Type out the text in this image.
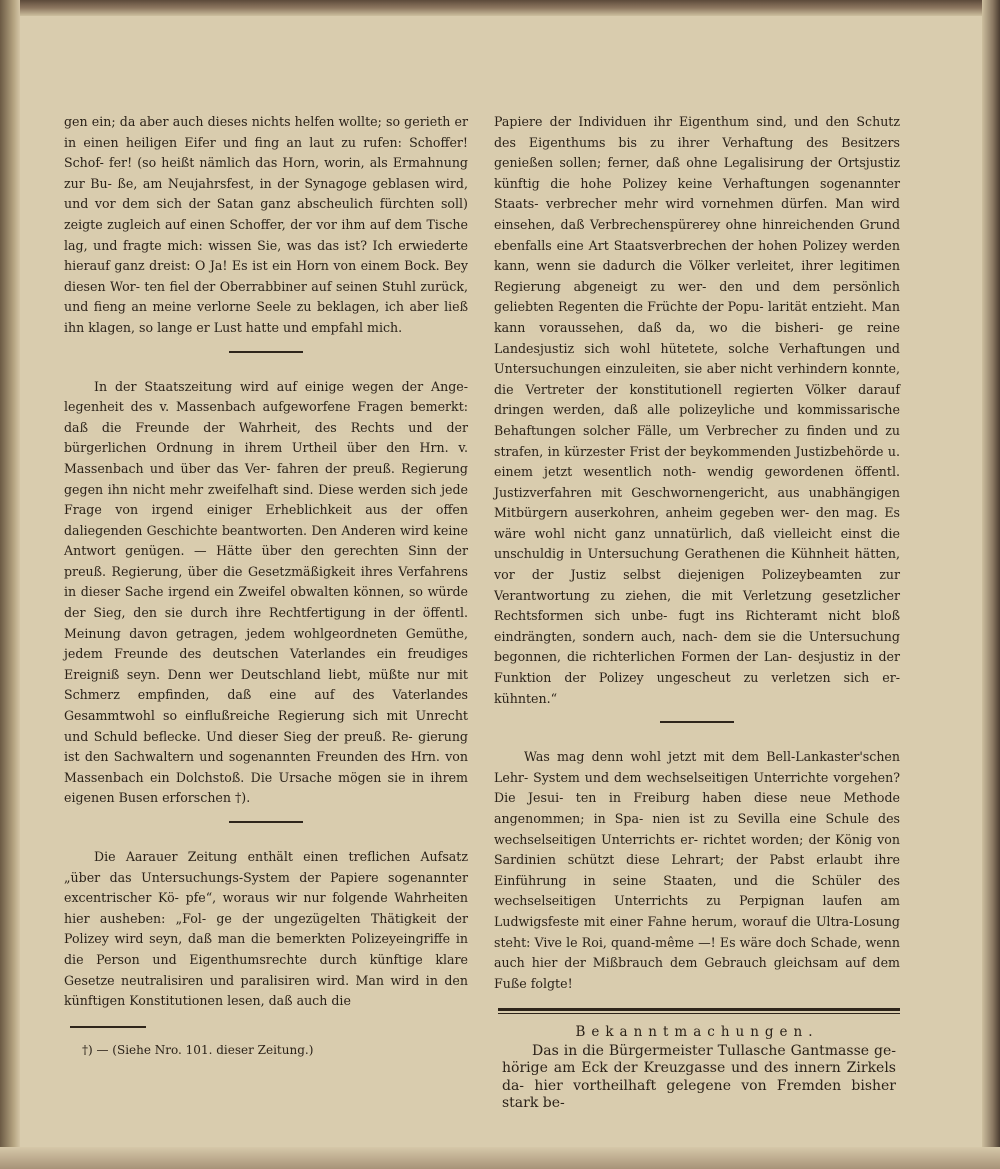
gen ein; da aber auch dieses nichts helfen wollte; so gerieth er in einen heiligen Eifer und fing an laut zu rufen: Schoffer! Schof- fer! (so heißt nämlich das Horn, worin, als Ermahnung zur Bu- ße, am Neujahrsfest, in der Synagoge geblasen wird, und vor dem sich der Satan ganz abscheulich fürchten soll) zeigte zugleich auf einen Schoffer, der vor ihm auf dem Tische lag, und fragte mich: wissen Sie, was das ist? Ich erwiederte hierauf ganz dreist: O Ja! Es ist ein Horn von einem Bock. Bey diesen Wor- ten fiel der Oberrabbiner auf seinen Stuhl zurück, und fieng an meine verlorne Seele zu beklagen, ich aber ließ ihn klagen, so lange er Lust hatte und empfahl mich.

In der Staatszeitung wird auf einige wegen der Ange- legenheit des v. Massenbach aufgeworfene Fragen bemerkt: daß die Freunde der Wahrheit, des Rechts und der bürgerlichen Ordnung in ihrem Urtheil über den Hrn. v. Massenbach und über das Ver- fahren der preuß. Regierung gegen ihn nicht mehr zweifelhaft sind. Diese werden sich jede Frage von irgend einiger Erheblichkeit aus der offen daliegenden Geschichte beantworten. Den Anderen wird keine Antwort genügen. — Hätte über den gerechten Sinn der preuß. Regierung, über die Gesetzmäßigkeit ihres Verfahrens in dieser Sache irgend ein Zweifel obwalten können, so würde der Sieg, den sie durch ihre Rechtfertigung in der öffentl. Meinung davon getragen, jedem wohlgeordneten Gemüthe, jedem Freunde des deutschen Vaterlandes ein freudiges Ereigniß seyn. Denn wer Deutschland liebt, müßte nur mit Schmerz empfinden, daß eine auf des Vaterlandes Gesammtwohl so einflußreiche Regierung sich mit Unrecht und Schuld beflecke. Und dieser Sieg der preuß. Re- gierung ist den Sachwaltern und sogenannten Freunden des Hrn. von Massenbach ein Dolchstoß. Die Ursache mögen sie in ihrem eigenen Busen erforschen †).

Die Aarauer Zeitung enthält einen treflichen Aufsatz „über das Untersuchungs-System der Papiere sogenannter excentrischer Kö- pfe“, woraus wir nur folgende Wahrheiten hier ausheben: „Fol- ge der ungezügelten Thätigkeit der Polizey wird seyn, daß man die bemerkten Polizeyeingriffe in die Person und Eigenthumsrechte durch künftige klare Gesetze neutralisiren und paralisiren wird. Man wird in den künftigen Konstitutionen lesen, daß auch die

†) — (Siehe Nro. 101. dieser Zeitung.)

Papiere der Individuen ihr Eigenthum sind, und den Schutz des Eigenthums bis zu ihrer Verhaftung des Besitzers genießen sollen; ferner, daß ohne Legalisirung der Ortsjustiz künftig die hohe Polizey keine Verhaftungen sogenannter Staats- verbrecher mehr wird vornehmen dürfen. Man wird einsehen, daß Verbrechenspürerey ohne hinreichenden Grund ebenfalls eine Art Staatsverbrechen der hohen Polizey werden kann, wenn sie dadurch die Völker verleitet, ihrer legitimen Regierung abgeneigt zu wer- den und dem persönlich geliebten Regenten die Früchte der Popu- larität entzieht. Man kann voraussehen, daß da, wo die bisheri- ge reine Landesjustiz sich wohl hütetete, solche Verhaftungen und Untersuchungen einzuleiten, sie aber nicht verhindern konnte, die Vertreter der konstitutionell regierten Völker darauf dringen werden, daß alle polizeyliche und kommissarische Behaftungen solcher Fälle, um Verbrecher zu finden und zu strafen, in kürzester Frist der beykommenden Justizbehörde u. einem jetzt wesentlich noth- wendig gewordenen öffentl. Justizverfahren mit Geschwornengericht, aus unabhängigen Mitbürgern auserkohren, anheim gegeben wer- den mag. Es wäre wohl nicht ganz unnatürlich, daß vielleicht einst die unschuldig in Untersuchung Gerathenen die Kühnheit hätten, vor der Justiz selbst diejenigen Polizeybeamten zur Verantwortung zu ziehen, die mit Verletzung gesetzlicher Rechtsformen sich unbe- fugt ins Richteramt nicht bloß eindrängten, sondern auch, nach- dem sie die Untersuchung begonnen, die richterlichen Formen der Lan- desjustiz in der Funktion der Polizey ungescheut zu verletzen sich er- kühnten.“

Was mag denn wohl jetzt mit dem Bell-Lankaster'schen Lehr- System und dem wechselseitigen Unterrichte vorgehen? Die Jesui- ten in Freiburg haben diese neue Methode angenommen; in Spa- nien ist zu Sevilla eine Schule des wechselseitigen Unterrichts er- richtet worden; der König von Sardinien schützt diese Lehrart; der Pabst erlaubt ihre Einführung in seine Staaten, und die Schüler des wechselseitigen Unterrichts zu Perpignan laufen am Ludwigsfeste mit einer Fahne herum, worauf die Ultra-Losung steht: Vive le Roi, quand-même —! Es wäre doch Schade, wenn auch hier der Mißbrauch dem Gebrauch gleichsam auf dem Fuße folgte!

Bekanntmachungen.

Das in die Bürgermeister Tullasche Gantmasse ge- hörige am Eck der Kreuzgasse und des innern Zirkels da- hier vortheilhaft gelegene von Fremden bisher stark be-
